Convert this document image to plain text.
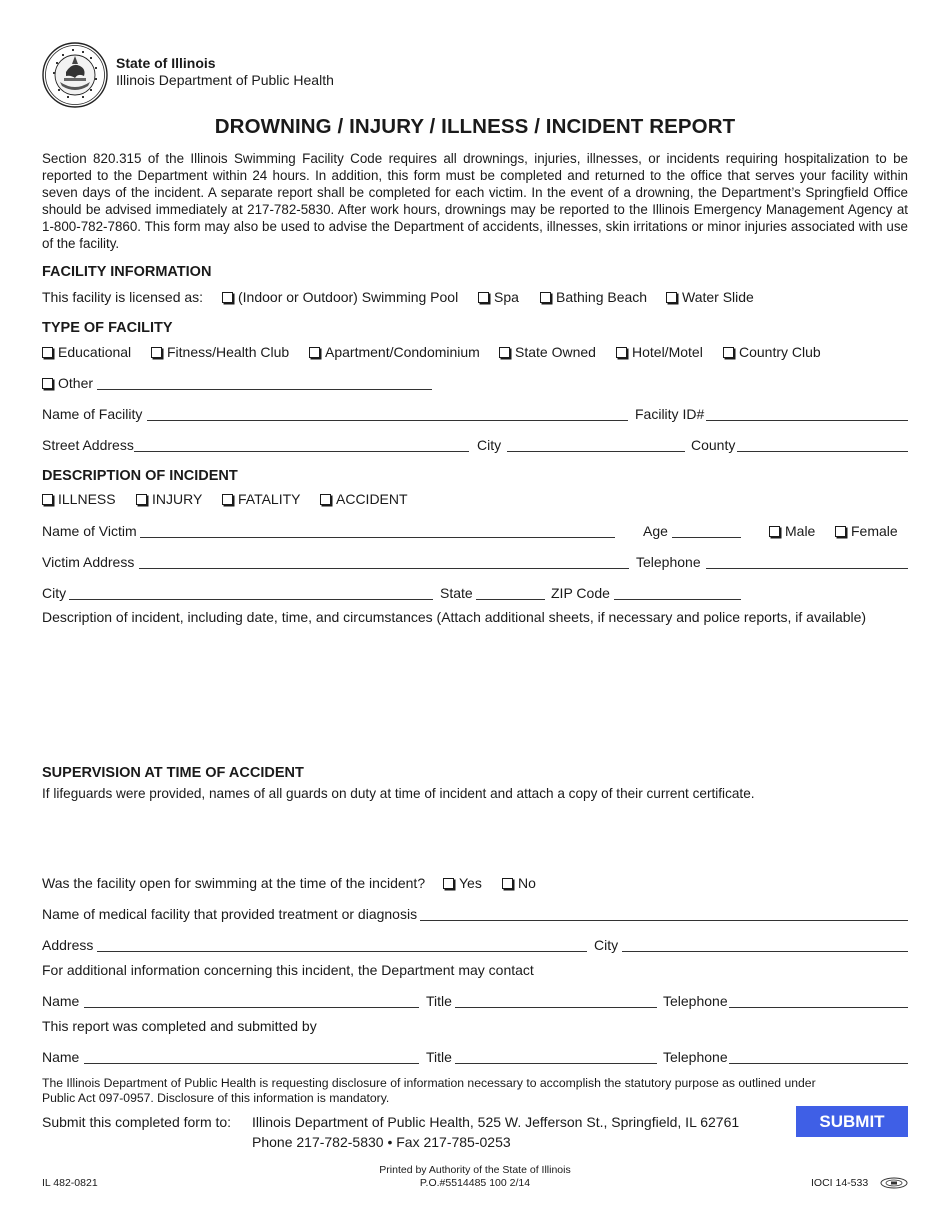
State of Illinois
Illinois Department of Public Health
DROWNING / INJURY / ILLNESS / INCIDENT REPORT
Section 820.315 of the Illinois Swimming Facility Code requires all drownings, injuries, illnesses, or incidents requiring hospitalization to be reported to the Department within 24 hours. In addition, this form must be completed and returned to the office that serves your facility within seven days of the incident. A separate report shall be completed for each victim. In the event of a drowning, the Department’s Springfield Office should be advised immediately at 217-782-5830. After work hours, drownings may be reported to the Illinois Emergency Management Agency at 1-800-782-7860. This form may also be used to advise the Department of accidents, illnesses, skin irritations or minor injuries associated with use of the facility.
FACILITY INFORMATION
This facility is licensed as:	(Indoor or Outdoor) Swimming Pool	Spa	Bathing Beach	Water Slide
TYPE OF FACILITY
Educational	Fitness/Health Club	Apartment/Condominium	State Owned	Hotel/Motel	Country Club
Other
Name of Facility	Facility ID#
Street Address	City	County
DESCRIPTION OF INCIDENT
ILLNESS	INJURY	FATALITY	ACCIDENT
Name of Victim	Age	Male	Female
Victim Address	Telephone
City	State	ZIP Code
Description of incident, including date, time, and circumstances (Attach additional sheets, if necessary and police reports, if available)
SUPERVISION AT TIME OF ACCIDENT
If lifeguards were provided, names of all guards on duty at time of incident and attach a copy of their current certificate.
Was the facility open for swimming at the time of the incident?	Yes	No
Name of medical facility that provided treatment or diagnosis
Address	City
For additional information concerning this incident, the Department may contact
Name	Title	Telephone
This report was completed and submitted by
Name	Title	Telephone
The Illinois Department of Public Health is requesting disclosure of information necessary to accomplish the statutory purpose as outlined under Public Act 097-0957. Disclosure of this information is mandatory.
Submit this completed form to: Illinois Department of Public Health, 525 W. Jefferson St., Springfield, IL 62761
Phone 217-782-5830 • Fax 217-785-0253
SUBMIT
IL 482-0821
Printed by Authority of the State of Illinois
P.O.#5514485 100 2/14	IOCI 14-533
